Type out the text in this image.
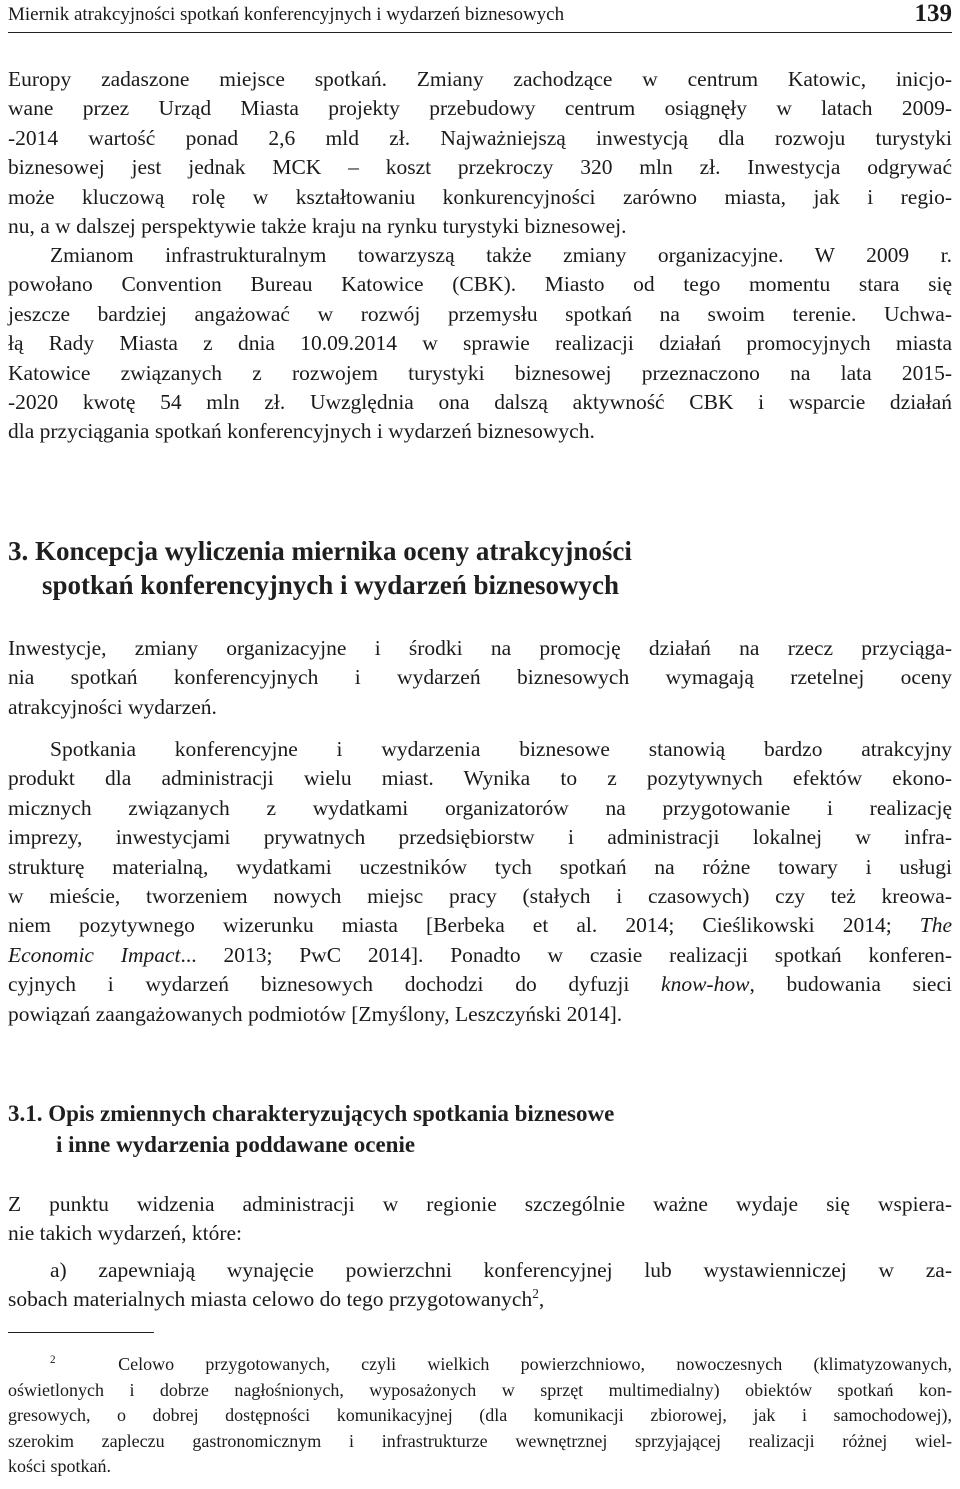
Miernik atrakcyjności spotkań konferencyjnych i wydarzeń biznesowych	139

Europy zadaszone miejsce spotkań. Zmiany zachodzące w centrum Katowic, inicjo-
wane przez Urząd Miasta projekty przebudowy centrum osiągnęły w latach 2009-
-2014 wartość ponad 2,6 mld zł. Najważniejszą inwestycją dla rozwoju turystyki
biznesowej jest jednak MCK – koszt przekroczy 320 mln zł. Inwestycja odgrywać
może kluczową rolę w kształtowaniu konkurencyjności zarówno miasta, jak i regio-
nu, a w dalszej perspektywie także kraju na rynku turystyki biznesowej.

Zmianom infrastrukturalnym towarzyszą także zmiany organizacyjne. W 2009 r.
powołano Convention Bureau Katowice (CBK). Miasto od tego momentu stara się
jeszcze bardziej angażować w rozwój przemysłu spotkań na swoim terenie. Uchwa-
łą Rady Miasta z dnia 10.09.2014 w sprawie realizacji działań promocyjnych miasta
Katowice związanych z rozwojem turystyki biznesowej przeznaczono na lata 2015-
-2020 kwotę 54 mln zł. Uwzględnia ona dalszą aktywność CBK i wsparcie działań
dla przyciągania spotkań konferencyjnych i wydarzeń biznesowych.

3. Koncepcja wyliczenia miernika oceny atrakcyjności
spotkań konferencyjnych i wydarzeń biznesowych

Inwestycje, zmiany organizacyjne i środki na promocję działań na rzecz przyciąga-
nia spotkań konferencyjnych i wydarzeń biznesowych wymagają rzetelnej oceny
atrakcyjności wydarzeń.

Spotkania konferencyjne i wydarzenia biznesowe stanowią bardzo atrakcyjny
produkt dla administracji wielu miast. Wynika to z pozytywnych efektów ekono-
micznych związanych z wydatkami organizatorów na przygotowanie i realizację
imprezy, inwestycjami prywatnych przedsiębiorstw i administracji lokalnej w infra-
strukturę materialną, wydatkami uczestników tych spotkań na różne towary i usługi
w mieście, tworzeniem nowych miejsc pracy (stałych i czasowych) czy też kreowa-
niem pozytywnego wizerunku miasta [Berbeka et al. 2014; Cieślikowski 2014; The
Economic Impact... 2013; PwC 2014]. Ponadto w czasie realizacji spotkań konferen-
cyjnych i wydarzeń biznesowych dochodzi do dyfuzji know-how, budowania sieci
powiązań zaangażowanych podmiotów [Zmyślony, Leszczyński 2014].

3.1. Opis zmiennych charakteryzujących spotkania biznesowe
i inne wydarzenia poddawane ocenie

Z punktu widzenia administracji w regionie szczególnie ważne wydaje się wspiera-
nie takich wydarzeń, które:

a) zapewniają wynajęcie powierzchni konferencyjnej lub wystawienniczej w za-
sobach materialnych miasta celowo do tego przygotowanych$^2$,

$^2$	Celowo przygotowanych, czyli wielkich powierzchniowo, nowoczesnych (klimatyzowanych,
oświetlonych i dobrze nagłośnionych, wyposażonych w sprzęt multimedialny) obiektów spotkań kon-
gresowych, o dobrej dostępności komunikacyjnej (dla komunikacji zbiorowej, jak i samochodowej),
szerokim zapleczu gastronomicznym i infrastrukturze wewnętrznej sprzyjającej realizacji różnej wiel-
kości spotkań.
